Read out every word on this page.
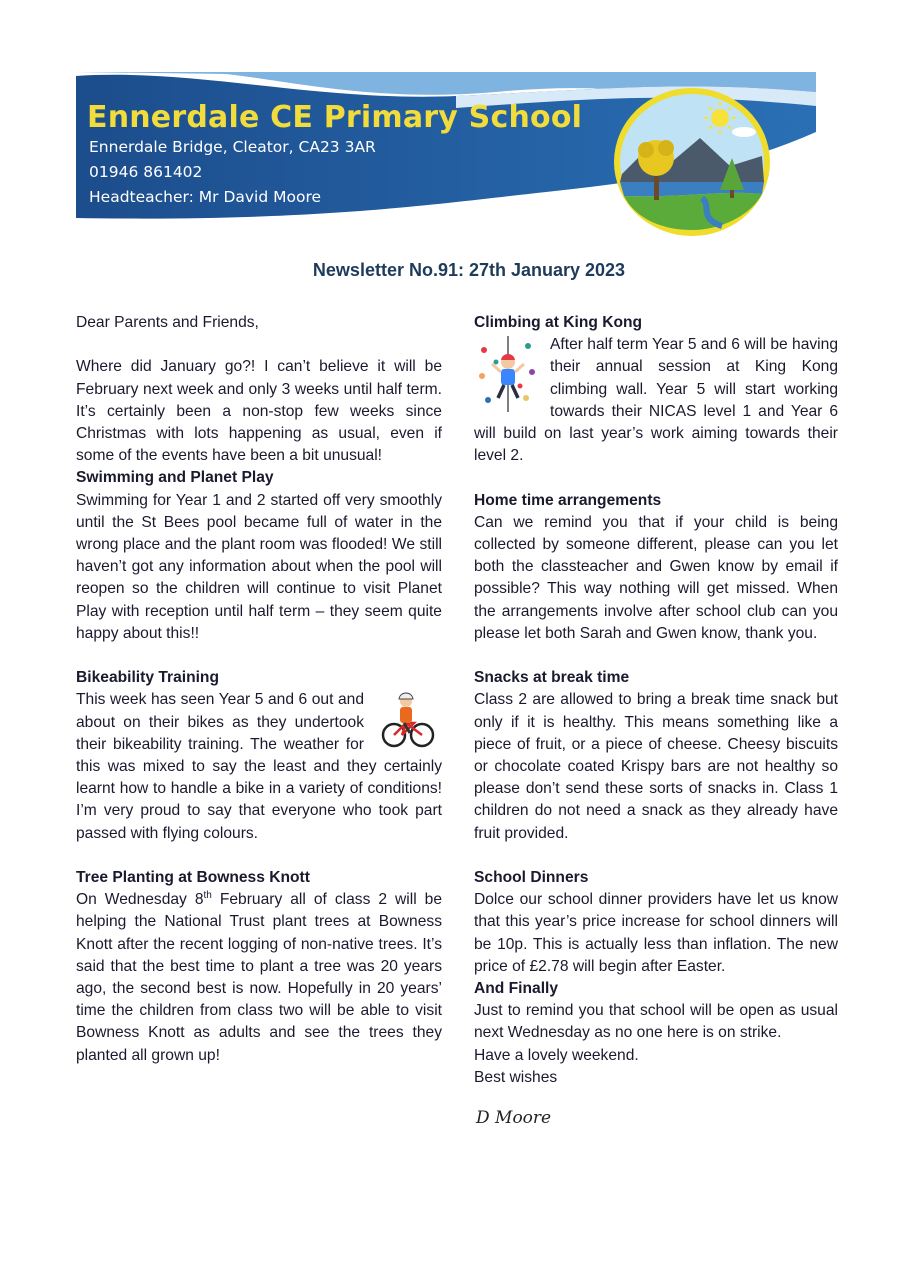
Ennerdale CE Primary School
Ennerdale Bridge, Cleator, CA23 3AR
01946 861402
Headteacher: Mr David Moore
Newsletter No.91: 27th January 2023

Dear Parents and Friends,

Where did January go?! I can’t believe it will be February next week and only 3 weeks until half term. It’s certainly been a non-stop few weeks since Christmas with lots happening as usual, even if some of the events have been a bit unusual!

Swimming and Planet Play

Swimming for Year 1 and 2 started off very smoothly until the St Bees pool became full of water in the wrong place and the plant room was flooded! We still haven’t got any information about when the pool will reopen so the children will continue to visit Planet Play with reception until half term – they seem quite happy about this!!

Bikeability Training

This week has seen Year 5 and 6 out and about on their bikes as they undertook their bikeability training. The weather for this was mixed to say the least and they certainly learnt how to handle a bike in a variety of conditions! I’m very proud to say that everyone who took part passed with flying colours.

Tree Planting at Bowness Knott

On Wednesday 8th February all of class 2 will be helping the National Trust plant trees at Bowness Knott after the recent logging of non-native trees. It’s said that the best time to plant a tree was 20 years ago, the second best is now. Hopefully in 20 years’ time the children from class two will be able to visit Bowness Knott as adults and see the trees they planted all grown up!

Climbing at King Kong

After half term Year 5 and 6 will be having their annual session at King Kong climbing wall. Year 5 will start working towards their NICAS level 1 and Year 6 will build on last year’s work aiming towards their level 2.

Home time arrangements

Can we remind you that if your child is being collected by someone different, please can you let both the classteacher and Gwen know by email if possible? This way nothing will get missed. When the arrangements involve after school club can you please let both Sarah and Gwen know, thank you.

Snacks at break time

Class 2 are allowed to bring a break time snack but only if it is healthy. This means something like a piece of fruit, or a piece of cheese. Cheesy biscuits or chocolate coated Krispy bars are not healthy so please don’t send these sorts of snacks in. Class 1 children do not need a snack as they already have fruit provided.

School Dinners

Dolce our school dinner providers have let us know that this year’s price increase for school dinners will be 10p. This is actually less than inflation. The new price of £2.78 will begin after Easter.

And Finally

Just to remind you that school will be open as usual next Wednesday as no one here is on strike.

Have a lovely weekend.

Best wishes

D Moore
